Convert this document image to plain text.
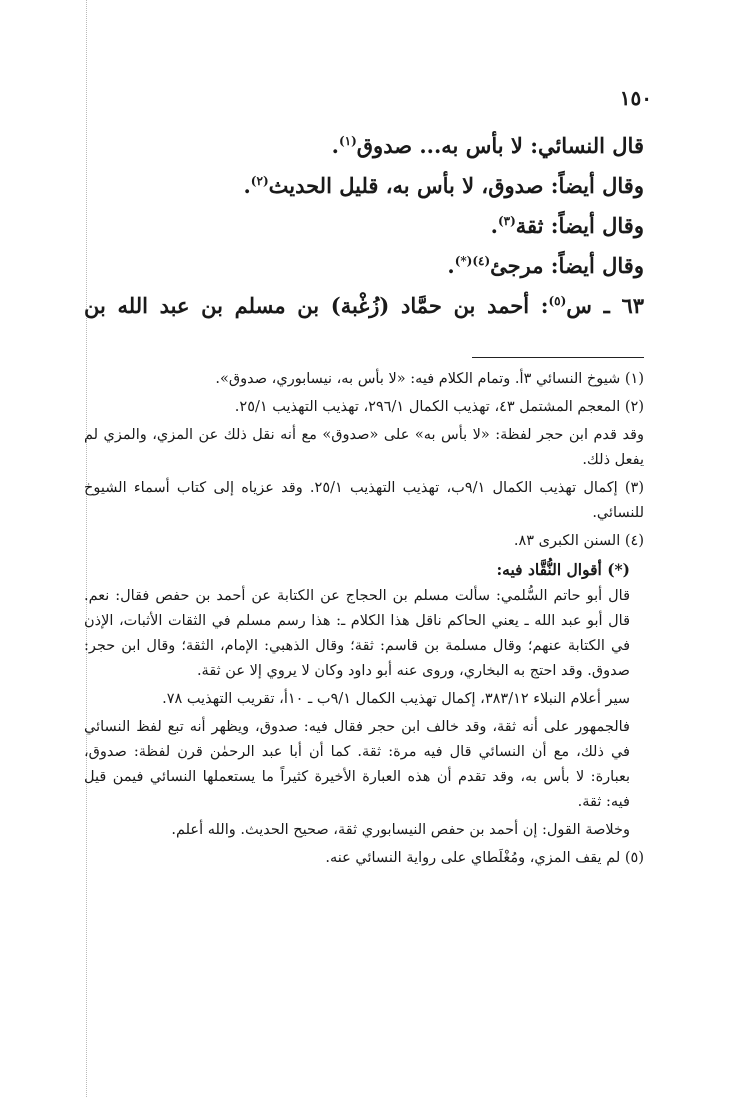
١٥٠
قال النسائي: لا بأس به... صدوق$^{(١)}$.
وقال أيضاً: صدوق، لا بأس به، قليل الحديث$^{(٢)}$.
وقال أيضاً: ثقة$^{(٣)}$.
وقال أيضاً: مرجئ$^{(٤)(*)}$.
٦٣ ـ س$^{(٥)}$: أحمد بن حمَّاد (زُغْبة) بن مسلم بن عبد الله بن

(١) شيوخ النسائي ٣أ. وتمام الكلام فيه: «لا بأس به، نيسابوري، صدوق».

(٢) المعجم المشتمل ٤٣، تهذيب الكمال ٢٩٦/١، تهذيب التهذيب ٢٥/١.

وقد قدم ابن حجر لفظة: «لا بأس به» على «صدوق» مع أنه نقل ذلك عن المزي، والمزي لم يفعل ذلك.

(٣) إكمال تهذيب الكمال ٩/١ب، تهذيب التهذيب ٢٥/١. وقد عزياه إلى كتاب أسماء الشيوخ للنسائي.

(٤) السنن الكبرى ٨٣.

(*) أقوال النُّقَّاد فيه:

قال أبو حاتم السُّلمي: سألت مسلم بن الحجاج عن الكتابة عن أحمد بن حفص فقال: نعم. قال أبو عبد الله ـ يعني الحاكم ناقل هذا الكلام ـ: هذا رسم مسلم في الثقات الأثبات، الإذن في الكتابة عنهم؛ وقال مسلمة بن قاسم: ثقة؛ وقال الذهبي: الإمام، الثقة؛ وقال ابن حجر: صدوق. وقد احتج به البخاري، وروى عنه أبو داود وكان لا يروي إلا عن ثقة.

سير أعلام النبلاء ٣٨٣/١٢، إكمال تهذيب الكمال ٩/١ب ـ ١٠أ، تقريب التهذيب ٧٨.

فالجمهور على أنه ثقة، وقد خالف ابن حجر فقال فيه: صدوق، ويظهر أنه تبع لفظ النسائي في ذلك، مع أن النسائي قال فيه مرة: ثقة. كما أن أبا عبد الرحمٰن قرن لفظة: صدوق، بعبارة: لا بأس به، وقد تقدم أن هذه العبارة الأخيرة كثيراً ما يستعملها النسائي فيمن قيل فيه: ثقة.

وخلاصة القول: إن أحمد بن حفص النيسابوري ثقة، صحيح الحديث. والله أعلم.

(٥) لم يقف المزي، ومُغْلَطاي على رواية النسائي عنه.
